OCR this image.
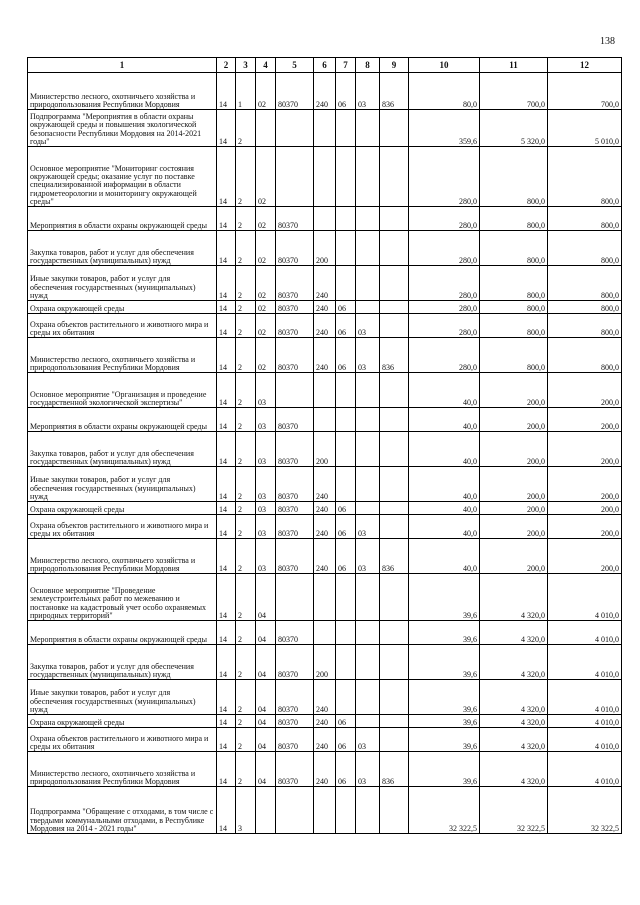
138
1	2	3	4	5	6	7	8	9	10	11	12
Министерство лесного, охотничьего хозяйства и природопользования Республики Мордовия	14	1	02	80370	240	06	03	836	80,0	700,0	700,0
Подпрограмма "Мероприятия в области охраны окружающей среды и повышения экологической безопасности Республики Мордовия на 2014-2021 годы"	14	2							359,6	5 320,0	5 010,0
Основное мероприятие "Мониторинг состояния окружающей среды; оказание услуг по поставке специализированной информации в области гидрометеорологии и мониторингу окружающей среды"	14	2	02						280,0	800,0	800,0
Мероприятия в области охраны окружающей среды	14	2	02	80370					280,0	800,0	800,0
Закупка товаров, работ и услуг для обеспечения государственных (муниципальных) нужд	14	2	02	80370	200				280,0	800,0	800,0
Иные закупки товаров, работ и услуг для обеспечения государственных (муниципальных) нужд	14	2	02	80370	240				280,0	800,0	800,0
Охрана окружающей среды	14	2	02	80370	240	06			280,0	800,0	800,0
Охрана объектов растительного и животного мира и среды их обитания	14	2	02	80370	240	06	03		280,0	800,0	800,0
Министерство лесного, охотничьего хозяйства и природопользования Республики Мордовия	14	2	02	80370	240	06	03	836	280,0	800,0	800,0
Основное мероприятие "Организация и проведение государственной экологической экспертизы"	14	2	03						40,0	200,0	200,0
Мероприятия в области охраны окружающей среды	14	2	03	80370					40,0	200,0	200,0
Закупка товаров, работ и услуг для обеспечения государственных (муниципальных) нужд	14	2	03	80370	200				40,0	200,0	200,0
Иные закупки товаров, работ и услуг для обеспечения государственных (муниципальных) нужд	14	2	03	80370	240				40,0	200,0	200,0
Охрана окружающей среды	14	2	03	80370	240	06			40,0	200,0	200,0
Охрана объектов растительного и животного мира и среды их обитания	14	2	03	80370	240	06	03		40,0	200,0	200,0
Министерство лесного, охотничьего хозяйства и природопользования Республики Мордовия	14	2	03	80370	240	06	03	836	40,0	200,0	200,0
Основное мероприятие "Проведение землеустроительных работ по межеванию и постановке на кадастровый учет особо охраняемых природных территорий"	14	2	04						39,6	4 320,0	4 010,0
Мероприятия в области охраны окружающей среды	14	2	04	80370					39,6	4 320,0	4 010,0
Закупка товаров, работ и услуг для обеспечения государственных (муниципальных) нужд	14	2	04	80370	200				39,6	4 320,0	4 010,0
Иные закупки товаров, работ и услуг для обеспечения государственных (муниципальных) нужд	14	2	04	80370	240				39,6	4 320,0	4 010,0
Охрана окружающей среды	14	2	04	80370	240	06			39,6	4 320,0	4 010,0
Охрана объектов растительного и животного мира и среды их обитания	14	2	04	80370	240	06	03		39,6	4 320,0	4 010,0
Министерство лесного, охотничьего хозяйства и природопользования Республики Мордовия	14	2	04	80370	240	06	03	836	39,6	4 320,0	4 010,0
Подпрограмма "Обращение с отходами, в том числе с твердыми коммунальными отходами, в Республике Мордовия на 2014 - 2021 годы"	14	3							32 322,5	32 322,5	32 322,5
